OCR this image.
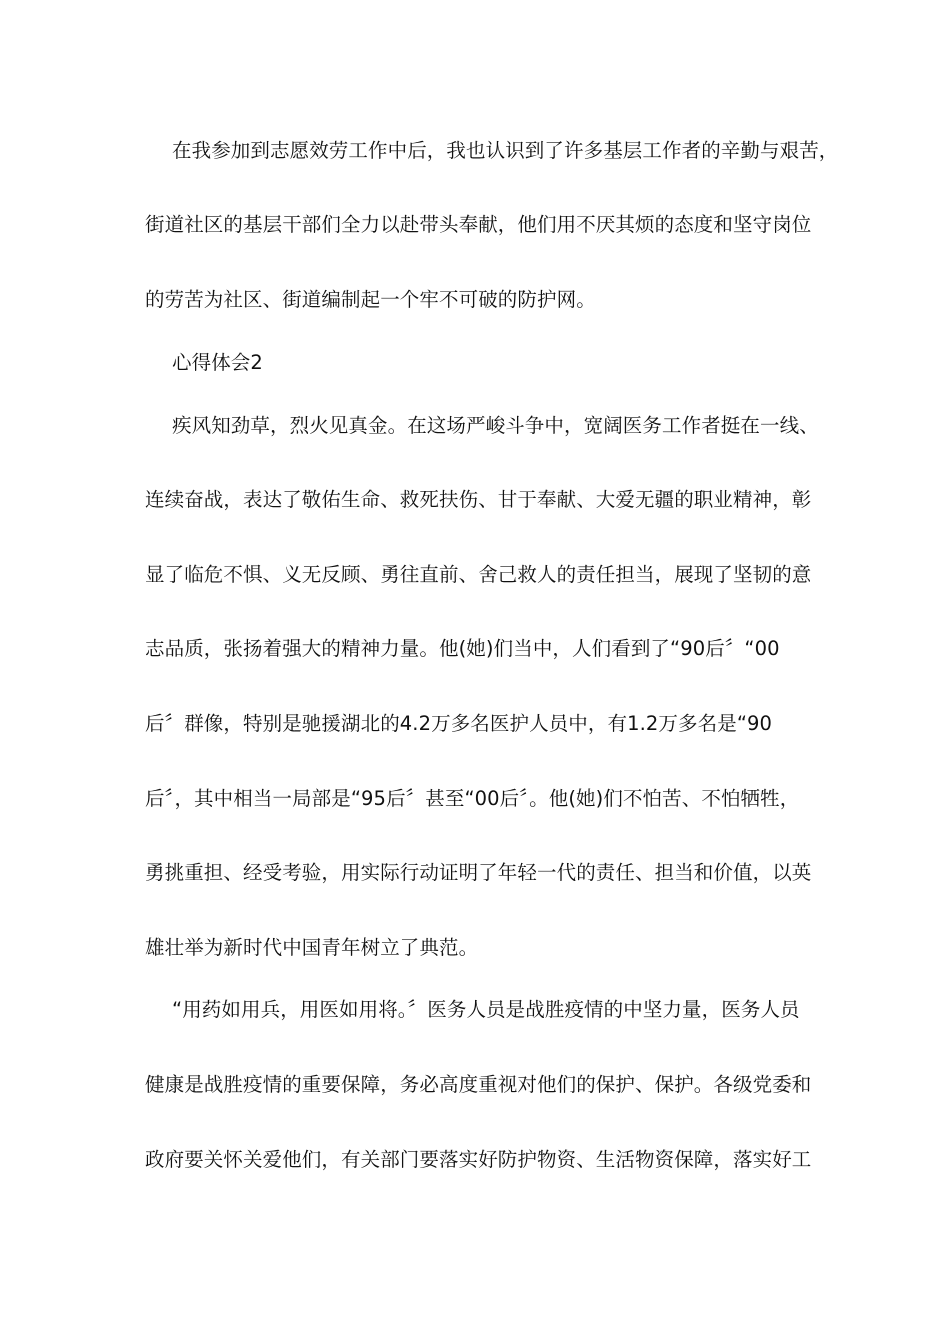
在我参加到志愿效劳工作中后，我也认识到了许多基层工作者的辛勤与艰苦，
街道社区的基层干部们全力以赴带头奉献，他们用不厌其烦的态度和坚守岗位
的劳苦为社区、街道编制起一个牢不可破的防护网。
心得体会2
疾风知劲草，烈火见真金。在这场严峻斗争中，宽阔医务工作者挺在一线、
连续奋战，表达了敬佑生命、救死扶伤、甘于奉献、大爱无疆的职业精神，彰
显了临危不惧、义无反顾、勇往直前、舍己救人的责任担当，展现了坚韧的意
志品质，张扬着强大的精神力量。他(她)们当中，人们看到了“90后〞“00
后〞群像，特别是驰援湖北的4.2万多名医护人员中，有1.2万多名是“90
后〞，其中相当一局部是“95后〞甚至“00后〞。他(她)们不怕苦、不怕牺牲，
勇挑重担、经受考验，用实际行动证明了年轻一代的责任、担当和价值，以英
雄壮举为新时代中国青年树立了典范。
“用药如用兵，用医如用将。〞医务人员是战胜疫情的中坚力量，医务人员
健康是战胜疫情的重要保障，务必高度重视对他们的保护、保护。各级党委和
政府要关怀关爱他们，有关部门要落实好防护物资、生活物资保障，落实好工
